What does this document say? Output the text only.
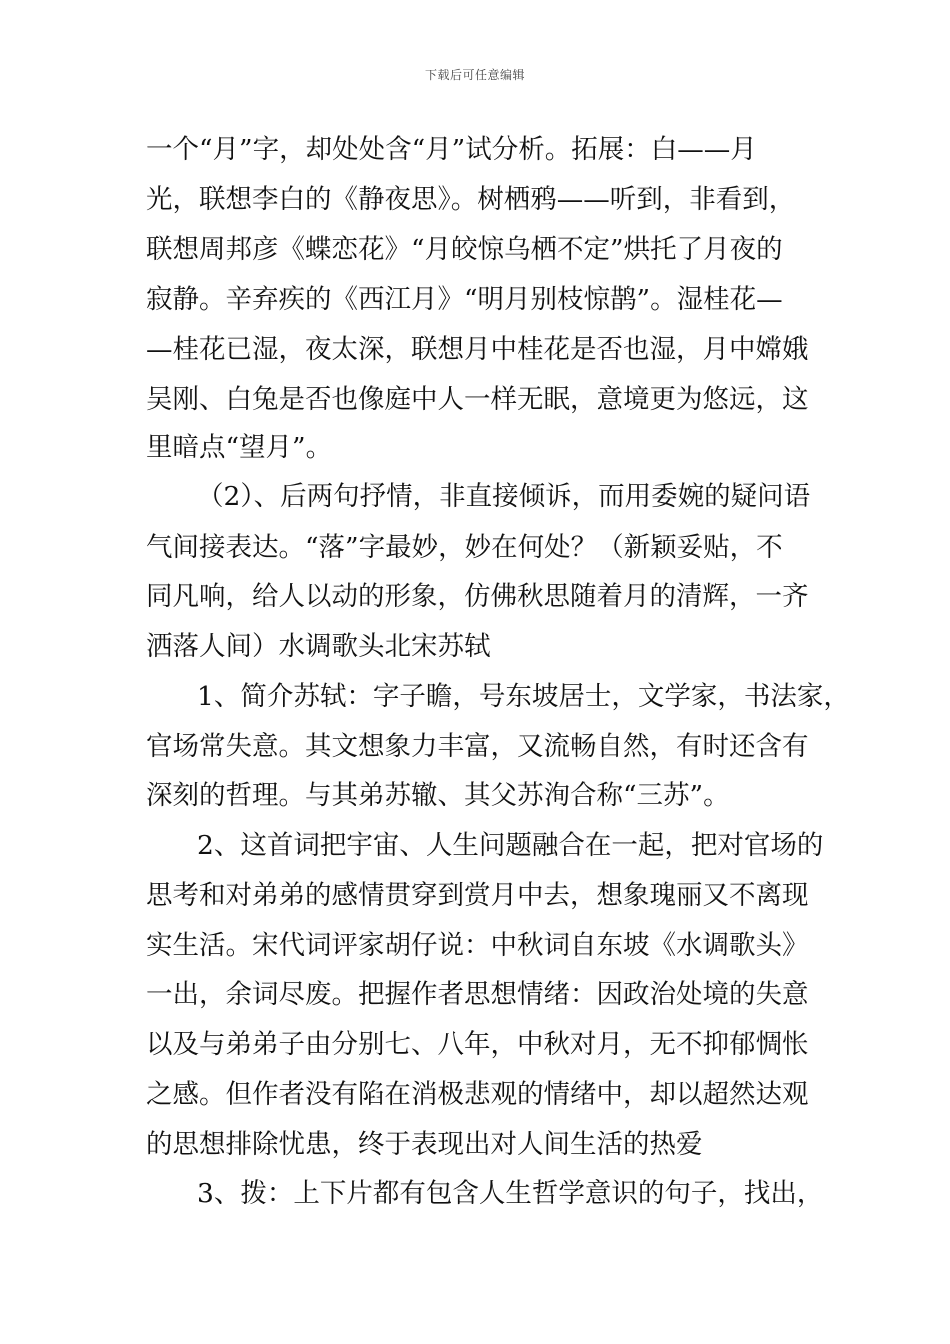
下载后可任意编辑
一个“月”字，却处处含“月”试分析。拓展：白——月
光，联想李白的《静夜思》。树栖鸦——听到，非看到，
联想周邦彦《蝶恋花》“月皎惊乌栖不定”烘托了月夜的
寂静。辛弃疾的《西江月》“明月别枝惊鹊”。湿桂花—
—桂花已湿，夜太深，联想月中桂花是否也湿，月中嫦娥
吴刚、白兔是否也像庭中人一样无眠，意境更为悠远，这
里暗点“望月”。
（2）、后两句抒情，非直接倾诉，而用委婉的疑问语
气间接表达。“落”字最妙，妙在何处？（新颖妥贴，不
同凡响，给人以动的形象，仿佛秋思随着月的清辉，一齐
洒落人间）水调歌头北宋苏轼
1、简介苏轼：字子瞻，号东坡居士，文学家，书法家，
官场常失意。其文想象力丰富，又流畅自然，有时还含有
深刻的哲理。与其弟苏辙、其父苏洵合称“三苏”。
2、这首词把宇宙、人生问题融合在一起，把对官场的
思考和对弟弟的感情贯穿到赏月中去，想象瑰丽又不离现
实生活。宋代词评家胡仔说：中秋词自东坡《水调歌头》
一出，余词尽废。把握作者思想情绪：因政治处境的失意
以及与弟弟子由分别七、八年，中秋对月，无不抑郁惆怅
之感。但作者没有陷在消极悲观的情绪中，却以超然达观
的思想排除忧患，终于表现出对人间生活的热爱
3、拨：上下片都有包含人生哲学意识的句子，找出，
